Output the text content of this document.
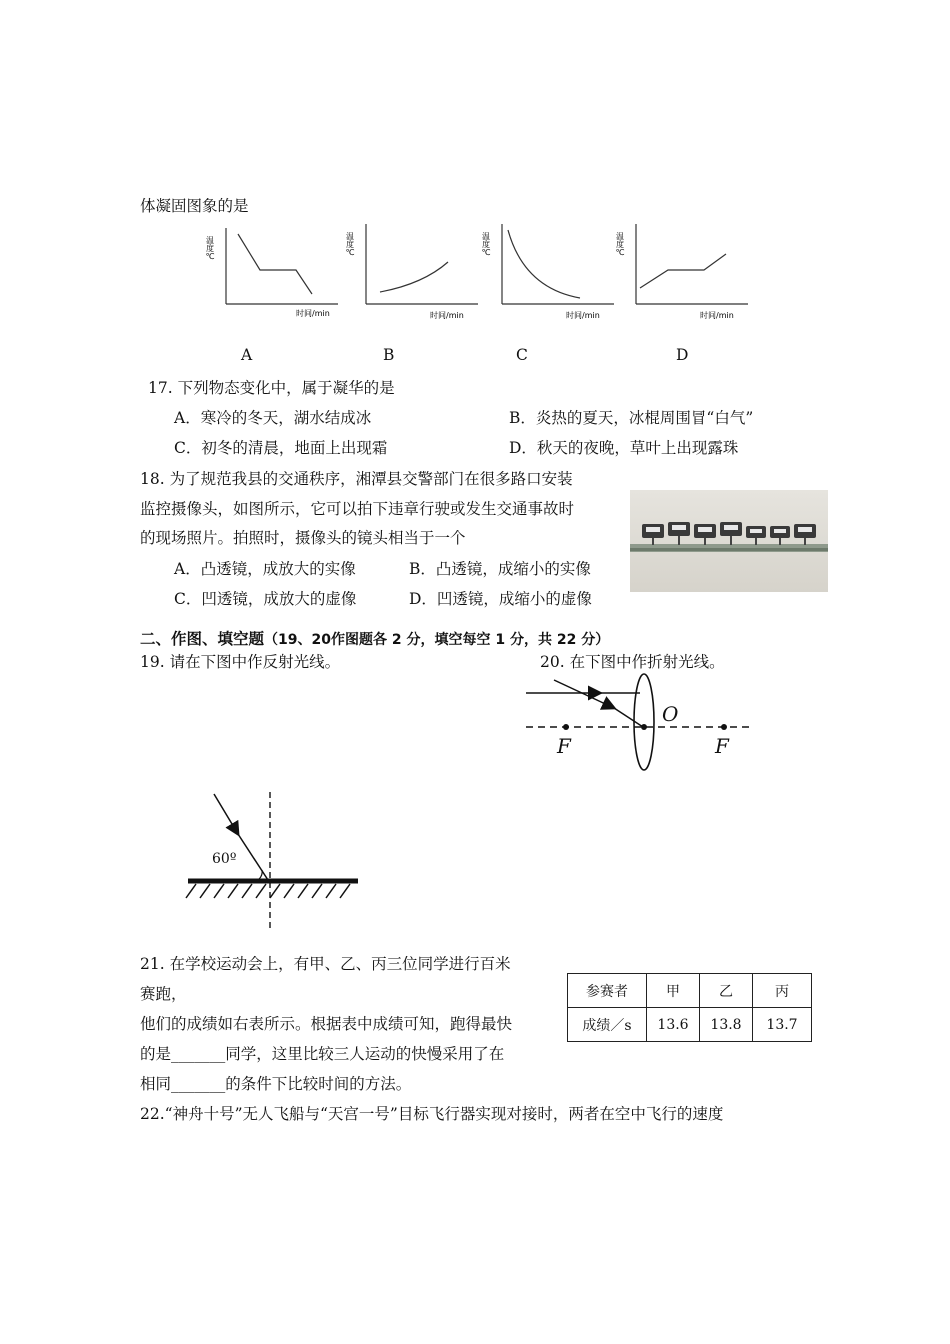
体凝固图象的是
温度℃
时间/min
温度℃
时间/min
温度℃
时间/min
温度℃
时间/min
A	B	C	D
17. 下列物态变化中，属于凝华的是
A．寒冷的冬天，湖水结成冰	B．炎热的夏天，冰棍周围冒“白气”
C．初冬的清晨，地面上出现霜	D．秋天的夜晚，草叶上出现露珠
18. 为了规范我县的交通秩序，湘潭县交警部门在很多路口安装
监控摄像头，如图所示，它可以拍下违章行驶或发生交通事故时
的现场照片。拍照时，摄像头的镜头相当于一个
A．凸透镜，成放大的实像	B．凸透镜，成缩小的实像
C．凹透镜，成放大的虚像	D．凹透镜，成缩小的虚像
二、作图、填空题（19、20作图题各 2 分，填空每空 1 分，共 22 分）
19. 请在下图中作反射光线。
60º
20. 在下图中作折射光线。
O
F	F
21. 在学校运动会上，有甲、乙、丙三位同学进行百米
赛跑，
他们的成绩如右表所示。根据表中成绩可知，跑得最快
的是_______同学，这里比较三人运动的快慢采用了在
相同_______的条件下比较时间的方法。
参赛者	甲	乙	丙
成绩／s	13.6	13.8	13.7
22.“神舟十号”无人飞船与“天宫一号”目标飞行器实现对接时，两者在空中飞行的速度
